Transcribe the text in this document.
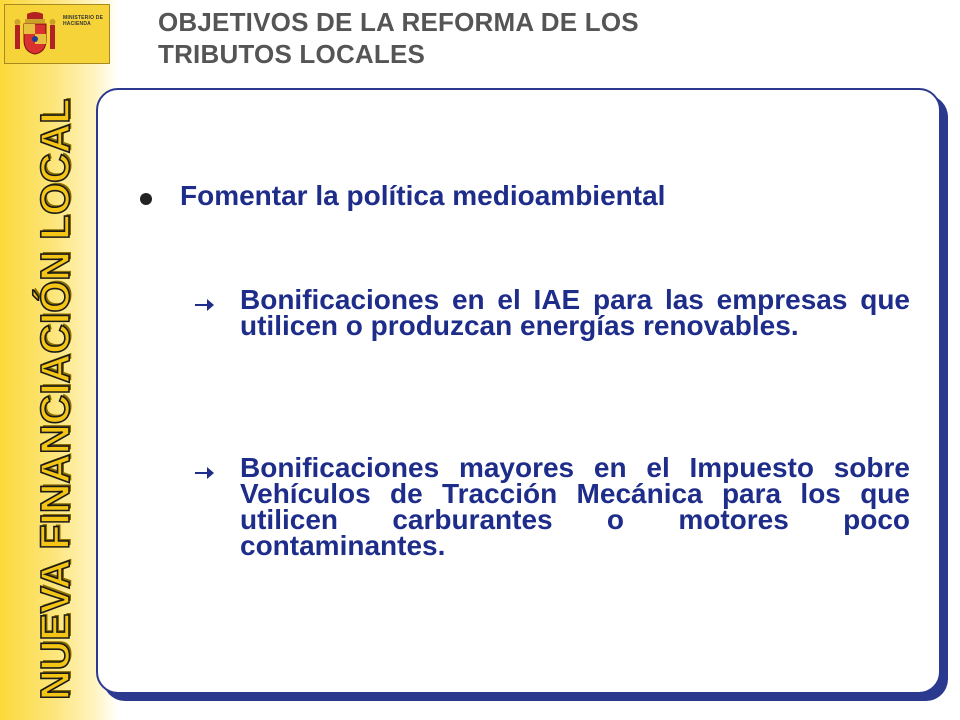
MINISTERIO DE HACIENDA
NUEVA FINANCIACIÓN LOCAL
OBJETIVOS DE LA REFORMA DE LOS
TRIBUTOS LOCALES
Fomentar la política medioambiental
Bonificaciones en el IAE para las empresas que utilicen o produzcan energías renovables.
Bonificaciones mayores en el Impuesto sobre Vehículos de Tracción Mecánica para los que utilicen carburantes o motores poco contaminantes.
